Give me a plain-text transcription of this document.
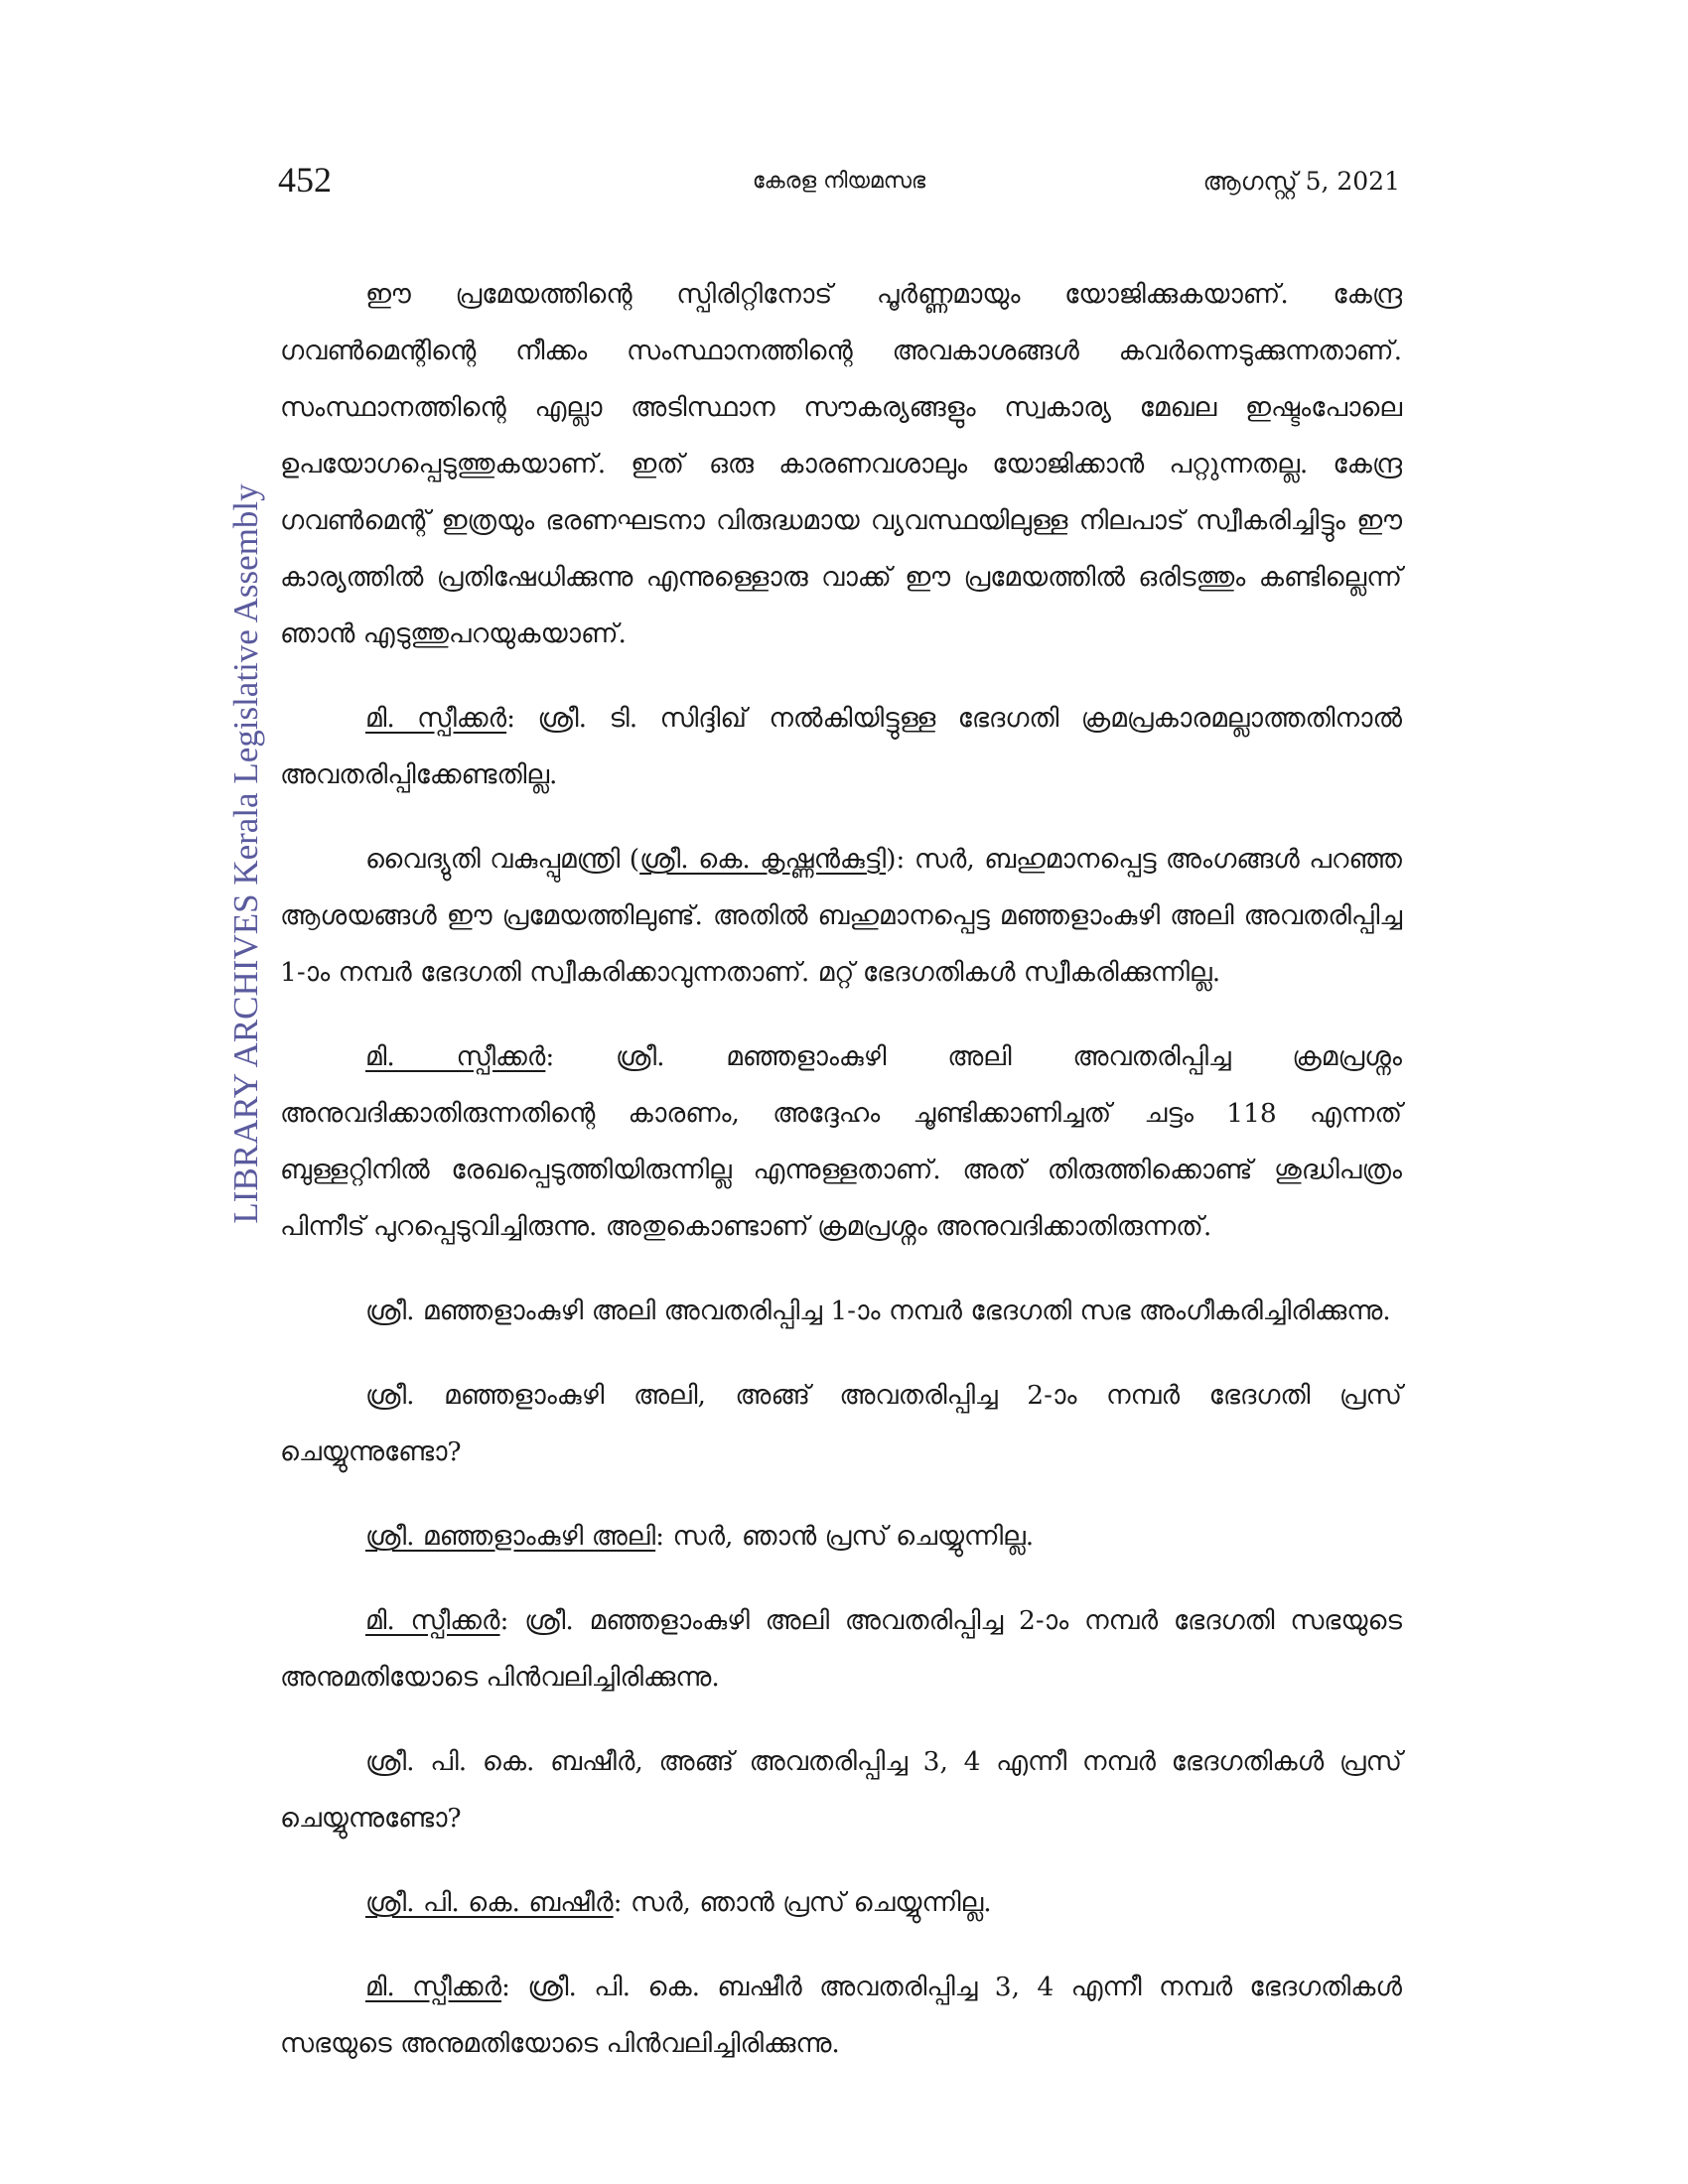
452	കേരള നിയമസഭ	ആഗസ്റ്റ് 5, 2021
LIBRARY ARCHIVES Kerala Legislative Assembly

ഈ പ്രമേയത്തിന്റെ സ്പിരിറ്റിനോട് പൂർണ്ണമായും യോജിക്കുകയാണ്. കേന്ദ്ര ഗവൺമെന്റിന്റെ നീക്കം സംസ്ഥാനത്തിന്റെ അവകാശങ്ങൾ കവർന്നെടുക്കുന്നതാണ്. സംസ്ഥാനത്തിന്റെ എല്ലാ അടിസ്ഥാന സൗകര്യങ്ങളും സ്വകാര്യ മേഖല ഇഷ്ടംപോലെ ഉപയോഗപ്പെടുത്തുകയാണ്. ഇത് ഒരു കാരണവശാലും യോജിക്കാൻ പറ്റുന്നതല്ല. കേന്ദ്ര ഗവൺമെന്റ് ഇത്രയും ഭരണഘടനാ വിരുദ്ധമായ വ്യവസ്ഥയിലുള്ള നിലപാട് സ്വീകരിച്ചിട്ടും ഈ കാര്യത്തിൽ പ്രതിഷേധിക്കുന്നു എന്നുള്ളൊരു വാക്ക് ഈ പ്രമേയത്തിൽ ഒരിടത്തും കണ്ടില്ലെന്ന് ഞാൻ എടുത്തുപറയുകയാണ്.

മി. സ്പീക്കർ: ശ്രീ. ടി. സിദ്ദിഖ് നൽകിയിട്ടുള്ള ഭേദഗതി ക്രമപ്രകാരമല്ലാത്തതിനാൽ അവതരിപ്പിക്കേണ്ടതില്ല.

വൈദ്യുതി വകുപ്പുമന്ത്രി (ശ്രീ. കെ. കൃഷ്ണൻകുട്ടി): സർ, ബഹുമാനപ്പെട്ട അംഗങ്ങൾ പറഞ്ഞ ആശയങ്ങൾ ഈ പ്രമേയത്തിലുണ്ട്. അതിൽ ബഹുമാനപ്പെട്ട മഞ്ഞളാംകുഴി അലി അവതരിപ്പിച്ച 1-ാം നമ്പർ ഭേദഗതി സ്വീകരിക്കാവുന്നതാണ്. മറ്റ് ഭേദഗതികൾ സ്വീകരിക്കുന്നില്ല.

മി. സ്പീക്കർ: ശ്രീ. മഞ്ഞളാംകുഴി അലി അവതരിപ്പിച്ച ക്രമപ്രശ്നം അനുവദിക്കാതിരുന്നതിന്റെ കാരണം, അദ്ദേഹം ചൂണ്ടിക്കാണിച്ചത് ചട്ടം 118 എന്നത് ബുള്ളറ്റിനിൽ രേഖപ്പെടുത്തിയിരുന്നില്ല എന്നുള്ളതാണ്. അത് തിരുത്തിക്കൊണ്ട് ശുദ്ധിപത്രം പിന്നീട് പുറപ്പെടുവിച്ചിരുന്നു. അതുകൊണ്ടാണ് ക്രമപ്രശ്നം അനുവദിക്കാതിരുന്നത്.

ശ്രീ. മഞ്ഞളാംകുഴി അലി അവതരിപ്പിച്ച 1-ാം നമ്പർ ഭേദഗതി സഭ അംഗീകരിച്ചിരിക്കുന്നു.

ശ്രീ. മഞ്ഞളാംകുഴി അലി, അങ്ങ് അവതരിപ്പിച്ച 2-ാം നമ്പർ ഭേദഗതി പ്രസ് ചെയ്യുന്നുണ്ടോ?

ശ്രീ. മഞ്ഞളാംകുഴി അലി: സർ, ഞാൻ പ്രസ് ചെയ്യുന്നില്ല.

മി. സ്പീക്കർ: ശ്രീ. മഞ്ഞളാംകുഴി അലി അവതരിപ്പിച്ച 2-ാം നമ്പർ ഭേദഗതി സഭയുടെ അനുമതിയോടെ പിൻവലിച്ചിരിക്കുന്നു.

ശ്രീ. പി. കെ. ബഷീർ, അങ്ങ് അവതരിപ്പിച്ച 3, 4 എന്നീ നമ്പർ ഭേദഗതികൾ പ്രസ് ചെയ്യുന്നുണ്ടോ?

ശ്രീ. പി. കെ. ബഷീർ: സർ, ഞാൻ പ്രസ് ചെയ്യുന്നില്ല.

മി. സ്പീക്കർ: ശ്രീ. പി. കെ. ബഷീർ അവതരിപ്പിച്ച 3, 4 എന്നീ നമ്പർ ഭേദഗതികൾ സഭയുടെ അനുമതിയോടെ പിൻവലിച്ചിരിക്കുന്നു.
